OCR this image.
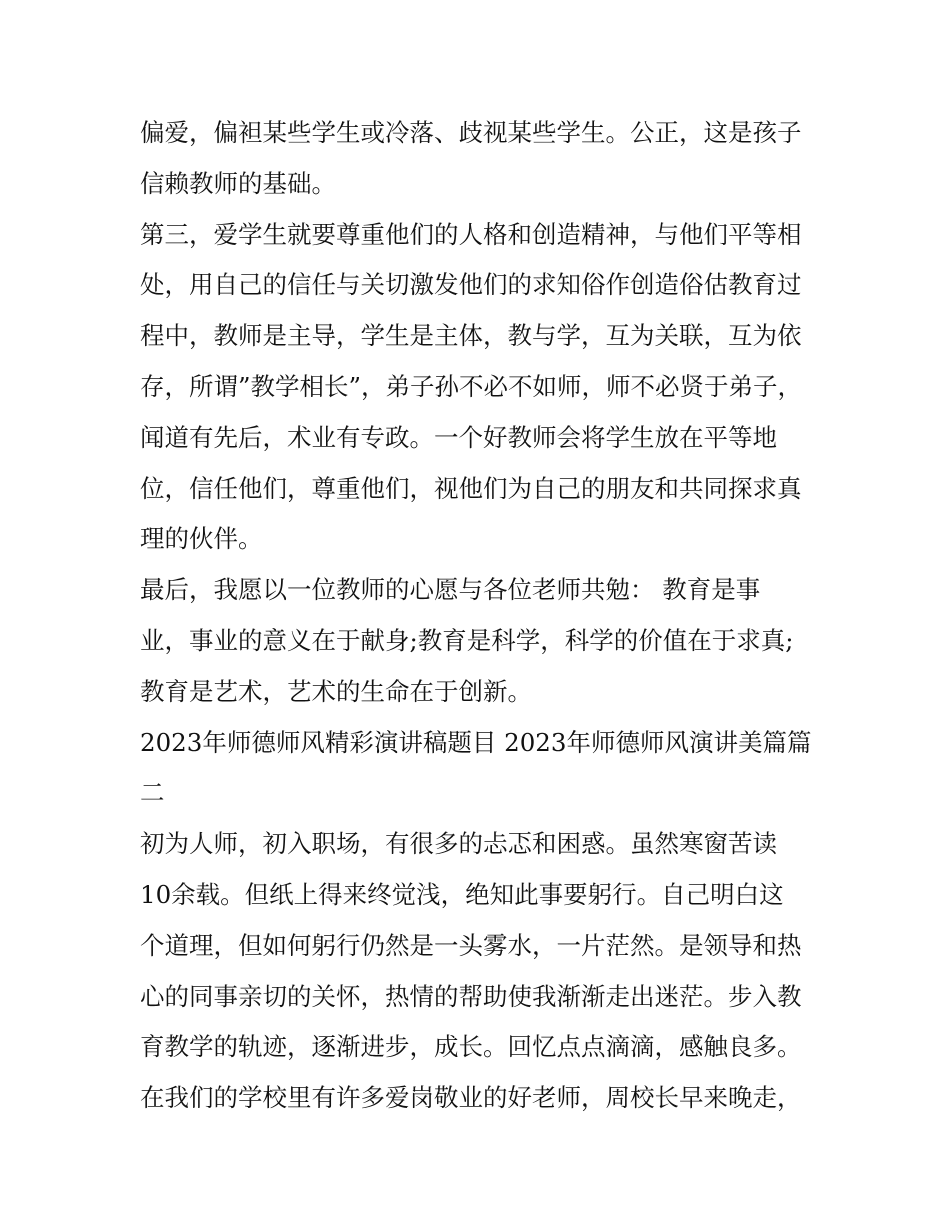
偏爱，偏袒某些学生或冷落、歧视某些学生。公正，这是孩子
信赖教师的基础。
第三，爱学生就要尊重他们的人格和创造精神，与他们平等相
处，用自己的信任与关切激发他们的求知俗作创造俗估教育过
程中，教师是主导，学生是主体，教与学，互为关联，互为依
存，所谓”教学相长”，弟子孙不必不如师，师不必贤于弟子，
闻道有先后，术业有专政。一个好教师会将学生放在平等地
位，信任他们，尊重他们，视他们为自己的朋友和共同探求真
理的伙伴。
最后，我愿以一位教师的心愿与各位老师共勉： 教育是事
业，事业的意义在于献身;教育是科学，科学的价值在于求真;
教育是艺术，艺术的生命在于创新。
2023年师德师风精彩演讲稿题目 2023年师德师风演讲美篇篇
二
初为人师，初入职场，有很多的忐忑和困惑。虽然寒窗苦读
10余载。但纸上得来终觉浅，绝知此事要躬行。自己明白这
个道理，但如何躬行仍然是一头雾水，一片茫然。是领导和热
心的同事亲切的关怀，热情的帮助使我渐渐走出迷茫。步入教
育教学的轨迹，逐渐进步，成长。回忆点点滴滴，感触良多。
在我们的学校里有许多爱岗敬业的好老师，周校长早来晚走，
